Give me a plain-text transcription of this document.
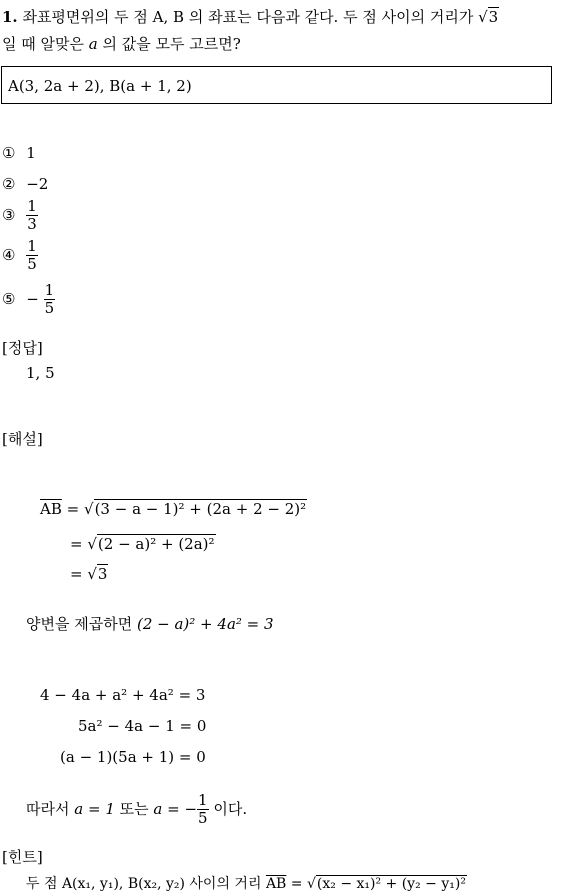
1. 좌표평면위의 두 점 A, B 의 좌표는 다음과 같다. 두 점 사이의 거리가 √3
일 때 알맞은 a 의 값을 모두 고르면?
A(3, 2a + 2), B(a + 1, 2)
① 1
② −2
③ $\frac{1}{3}$
④ $\frac{1}{5}$
⑤ − $\frac{1}{5}$
[정답]
1, 5
[해설]
$\overline{AB} = √(3 - a - 1)^2 + (2a + 2 - 2)^2$
= √(2 − a)² + (2a)²
= √3
양변을 제곱하면 (2 − a)² + 4a² = 3
4 − 4a + a² + 4a² = 3
5a² − 4a − 1 = 0
(a − 1)(5a + 1) = 0
따라서 a = 1 또는 a = − $\frac{1}{5}$ 이다.
[힌트]
두 점 A(x₁, y₁), B(x₂, y₂) 사이의 거리 $\overline{AB} = √(x_2 - x_1)^2 + (y_2 - y_1)^2$
